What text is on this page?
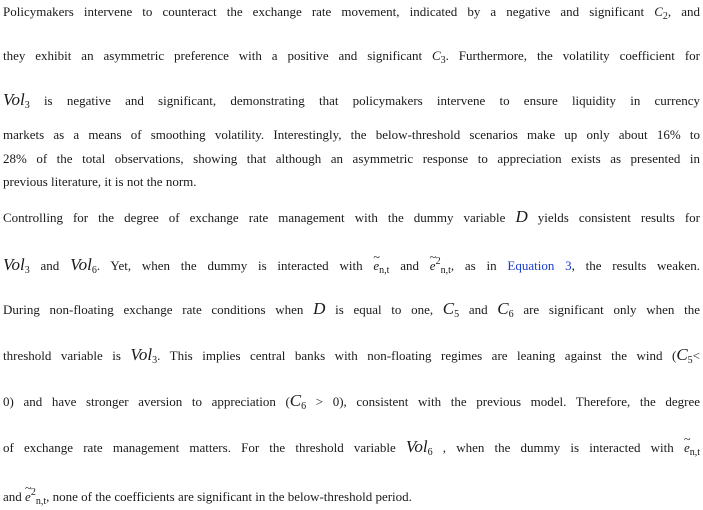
Policymakers intervene to counteract the exchange rate movement, indicated by a negative and significant $C_2$, and
they exhibit an asymmetric preference with a positive and significant $C_3$. Furthermore, the volatility coefficient for
Vol$_3$ is negative and significant, demonstrating that policymakers intervene to ensure liquidity in currency
markets as a means of smoothing volatility. Interestingly, the below-threshold scenarios make up only about 16% to
28% of the total observations, showing that although an asymmetric response to appreciation exists as presented in
previous literature, it is not the norm.
Controlling for the degree of exchange rate management with the dummy variable D yields consistent results for
Vol$_3$ and Vol$_6$. Yet, when the dummy is interacted with ~ $e_{n,t}$ and ~ $e^2_{n,t}$, as in Equation 3, the results weaken.
During non-floating exchange rate conditions when D is equal to one, $C_5$ and $C_6$ are significant only when the
threshold variable is Vol$_3$. This implies central banks with non-floating regimes are leaning against the wind ($C_5<$
0) and have stronger aversion to appreciation $(C_6 > 0)$, consistent with the previous model. Therefore, the degree
of exchange rate management matters. For the threshold variable Vol$_6$ , when the dummy is interacted with ~ $e_{n,t}$
and ~ $e^2_{n,t}$, none of the coefficients are significant in the below-threshold period.
